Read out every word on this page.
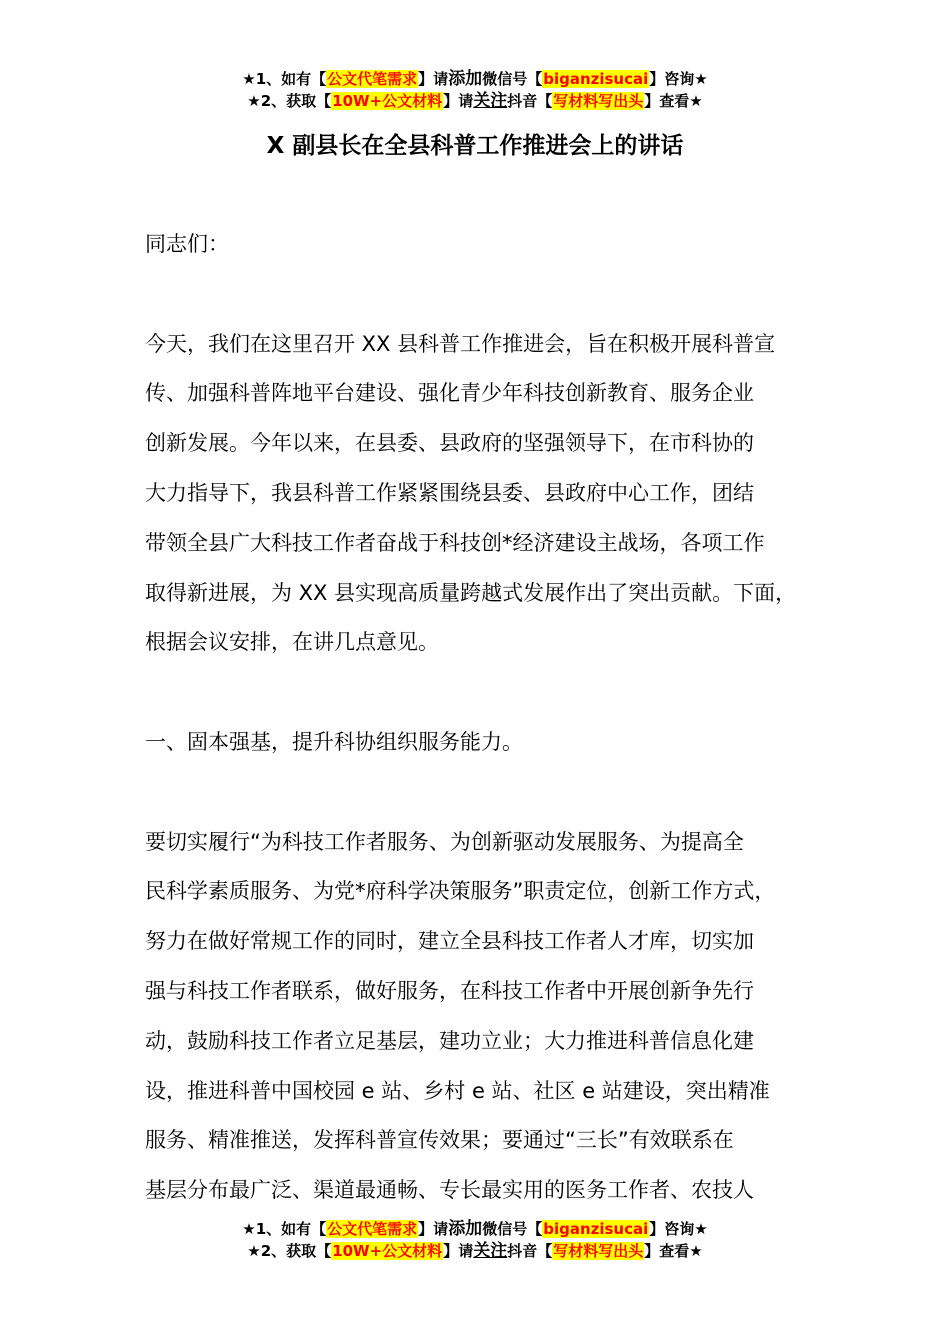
★1、如有【公文代笔需求】请添加微信号【biganzisucai】咨询★
★2、获取【10W+公文材料】请关注抖音【写材料写出头】查看★
X 副县长在全县科普工作推进会上的讲话
同志们：
今天，我们在这里召开 XX 县科普工作推进会，旨在积极开展科普宣
传、加强科普阵地平台建设、强化青少年科技创新教育、服务企业
创新发展。今年以来，在县委、县政府的坚强领导下，在市科协的
大力指导下，我县科普工作紧紧围绕县委、县政府中心工作，团结
带领全县广大科技工作者奋战于科技创*经济建设主战场，各项工作
取得新进展，为 XX 县实现高质量跨越式发展作出了突出贡献。下面，
根据会议安排，在讲几点意见。
一、固本强基，提升科协组织服务能力。
要切实履行“为科技工作者服务、为创新驱动发展服务、为提高全
民科学素质服务、为党*府科学决策服务”职责定位，创新工作方式，
努力在做好常规工作的同时，建立全县科技工作者人才库，切实加
强与科技工作者联系，做好服务，在科技工作者中开展创新争先行
动，鼓励科技工作者立足基层，建功立业；大力推进科普信息化建
设，推进科普中国校园 e 站、乡村 e 站、社区 e 站建设，突出精准
服务、精准推送，发挥科普宣传效果；要通过“三长”有效联系在
基层分布最广泛、渠道最通畅、专长最实用的医务工作者、农技人
★1、如有【公文代笔需求】请添加微信号【biganzisucai】咨询★
★2、获取【10W+公文材料】请关注抖音【写材料写出头】查看★
